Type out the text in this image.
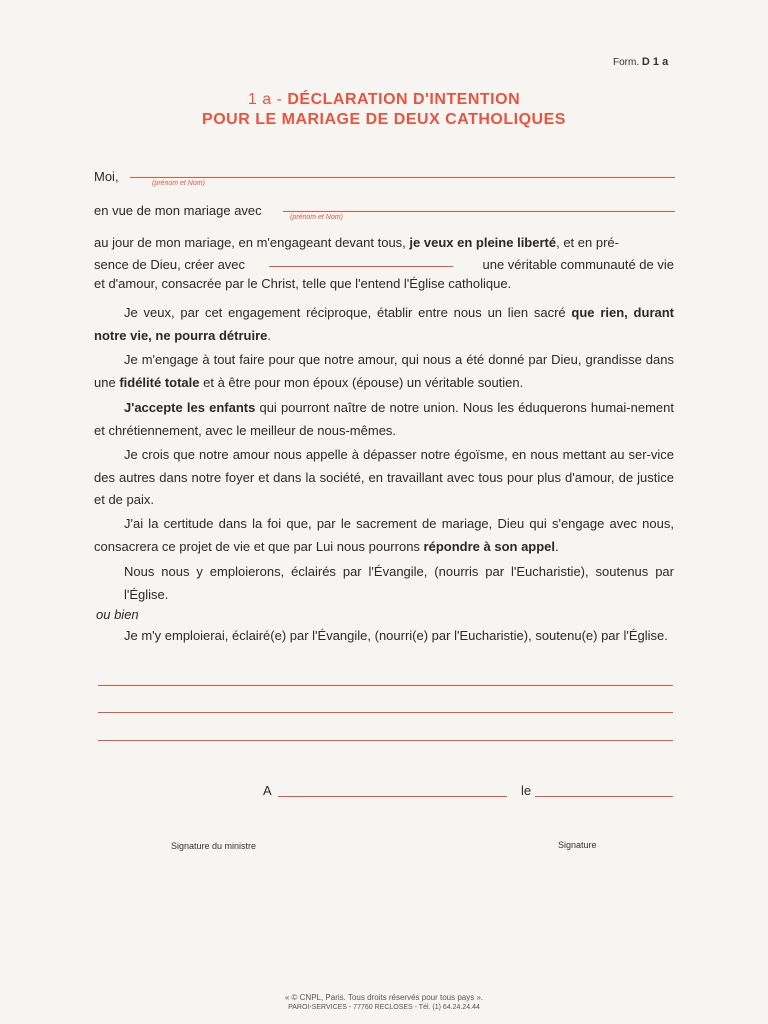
Form. D 1 a
1 a - DÉCLARATION D'INTENTION
POUR LE MARIAGE DE DEUX CATHOLIQUES
Moi,	(prénom et Nom)
en vue de mon mariage avec	(prénom et Nom)
au jour de mon mariage, en m'engageant devant tous, je veux en pleine liberté, et en pré-
sence de Dieu, créer avec	une véritable communauté de vie
et d'amour, consacrée par le Christ, telle que l'entend l'Église catholique.
Je veux, par cet engagement réciproque, établir entre nous un lien sacré que rien, durant notre vie, ne pourra détruire.
Je m'engage à tout faire pour que notre amour, qui nous a été donné par Dieu, grandisse dans une fidélité totale et à être pour mon époux (épouse) un véritable soutien.
J'accepte les enfants qui pourront naître de notre union. Nous les éduquerons humai-nement et chrétiennement, avec le meilleur de nous-mêmes.
Je crois que notre amour nous appelle à dépasser notre égoïsme, en nous mettant au ser-vice des autres dans notre foyer et dans la société, en travaillant avec tous pour plus d'amour, de justice et de paix.
J'ai la certitude dans la foi que, par le sacrement de mariage, Dieu qui s'engage avec nous, consacrera ce projet de vie et que par Lui nous pourrons répondre à son appel.
Nous nous y emploierons, éclairés par l'Évangile, (nourris par l'Eucharistie), soutenus par l'Église.
ou bien
Je m'y emploierai, éclairé(e) par l'Évangile, (nourri(e) par l'Eucharistie), soutenu(e) par l'Église.
A	le
Signature du ministre	Signature
« © CNPL, Paris. Tous droits réservés pour tous pays ».
PAROI-SERVICES - 77760 RECLOSES - Tél. (1) 64.24.24.44
